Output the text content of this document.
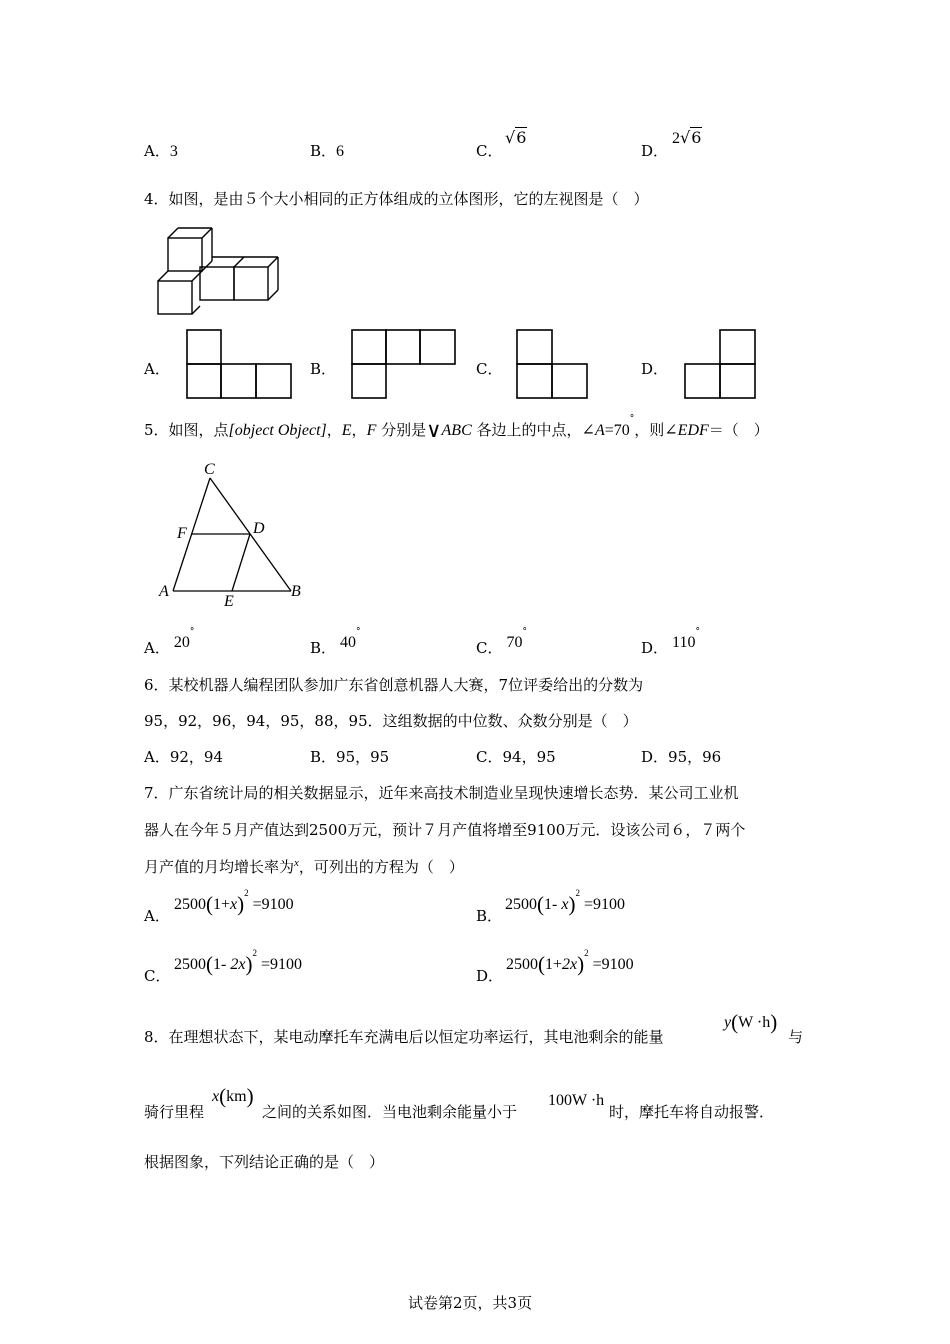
A．3	B．6	C．
√6
D．
2√6
4．如图，是由５个大小相同的正方体组成的立体图形，它的左视图是（　）
A．	B．	C．	D．
5．如图，点[object Object]，E，F 分别是∨ABC 各边上的中点，∠A=70°，则∠EDF＝（　）
C
F	D
A
E
B
A． 20°
B． 40°
C． 70°
D． 110°
6．某校机器人编程团队参加广东省创意机器人大赛，7位评委给出的分数为
95，92，96，94，95，88，95．这组数据的中位数、众数分别是（　）
A．92，94	B．95，95	C．94，95	D．95，96
7．广东省统计局的相关数据显示，近年来高技术制造业呈现快速增长态势．某公司工业机
器人在今年５月产值达到2500万元，预计７月产值将增至9100万元．设该公司６，７两个
月产值的月均增长率为$^x$，可列出的方程为（　）
A．
$2500(1+x)^2 =9100$
B．
2500(1- x)$^2$ =9100
C．
2500(1- 2x)$^2$ =9100
D．
$2500(1+2x)^2 =9100$
8．在理想状态下，某电动摩托车充满电后以恒定功率运行，其电池剩余的能量
y(W ·h)
与
骑行里程
x(km)
之间的关系如图．当电池剩余能量小于
100W ·h
时，摩托车将自动报警．
根据图象，下列结论正确的是（　）
试卷第2页，共3页
